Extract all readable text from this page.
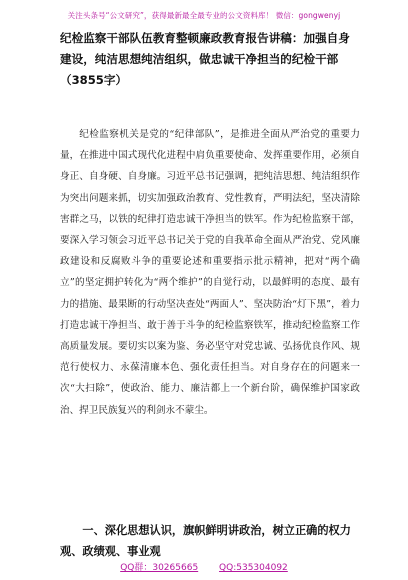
关注头条号“公文研究”，获得最新最全最专业的公文资料库！ 微信：gongwenyj
纪检监察干部队伍教育整顿廉政教育报告讲稿：加强自身建设，纯洁思想纯洁组织，做忠诚干净担当的纪检干部（3855字）

纪检监察机关是党的“纪律部队”，是推进全面从严治党的重要力量，在推进中国式现代化进程中肩负重要使命、发挥重要作用，必须自身正、自身硬、自身廉。习近平总书记强调，把纯洁思想、纯洁组织作为突出问题来抓，切实加强政治教育、党性教育，严明法纪，坚决清除害群之马，以铁的纪律打造忠诚干净担当的铁军。作为纪检监察干部，要深入学习领会习近平总书记关于党的自我革命全面从严治党、党风廉政建设和反腐败斗争的重要论述和重要指示批示精神，把对“两个确立”的坚定拥护转化为“两个维护”的自觉行动，以最鲜明的态度、最有力的措施、最果断的行动坚决查处“两面人”、坚决防治“灯下黑”，着力打造忠诚干净担当、敢于善于斗争的纪检监察铁军，推动纪检监察工作高质量发展。要切实以案为鉴、务必坚守对党忠诚、弘扬优良作风、规范行使权力、永葆清廉本色、强化责任担当。对自身存在的问题来一次“大扫除”，使政治、能力、廉洁都上一个新台阶，确保维护国家政治、捍卫民族复兴的利剑永不蒙尘。

一、深化思想认识，旗帜鲜明讲政治，树立正确的权力观、政绩观、事业观
QQ群：30265665 QQ:535304092
